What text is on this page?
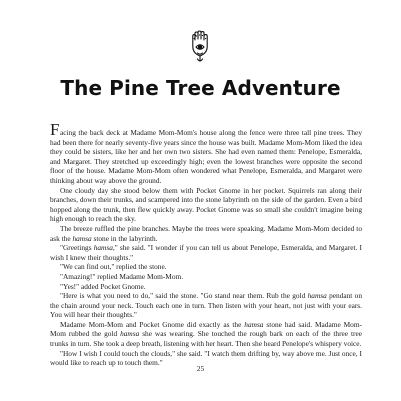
The Pine Tree Adventure

Facing the back deck at Madame Mom-Mom's house along the fence were three tall pine trees. They had been there for nearly seventy-five years since the house was built. Madame Mom-Mom liked the idea they could be sisters, like her and her own two sisters. She had even named them: Penelope, Esmeralda, and Margaret. They stretched up exceedingly high; even the lowest branches were opposite the second floor of the house. Madame Mom-Mom often wondered what Penelope, Esmeralda, and Margaret were thinking about way above the ground.

One cloudy day she stood below them with Pocket Gnome in her pocket. Squirrels ran along their branches, down their trunks, and scampered into the stone labyrinth on the side of the garden. Even a bird hopped along the trunk, then flew quickly away. Pocket Gnome was so small she couldn't imagine being high enough to reach the sky.

The breeze ruffled the pine branches. Maybe the trees were speaking. Madame Mom-Mom decided to ask the hamsa stone in the labyrinth.

"Greetings hamsa," she said. "I wonder if you can tell us about Penelope, Esmeralda, and Margaret. I wish I knew their thoughts."

"We can find out," replied the stone.

"Amazing!" replied Madame Mom-Mom.

"Yes!" added Pocket Gnome.

"Here is what you need to do," said the stone. "Go stand near them. Rub the gold hamsa pendant on the chain around your neck. Touch each one in turn. Then listen with your heart, not just with your ears. You will hear their thoughts."

Madame Mom-Mom and Pocket Gnome did exactly as the hamsa stone had said. Madame Mom-Mom rubbed the gold hamsa she was wearing. She touched the rough bark on each of the three tree trunks in turn. She took a deep breath, listening with her heart. Then she heard Penelope's whispery voice.

"How I wish I could touch the clouds," she said. "I watch them drifting by, way above me. Just once, I would like to reach up to touch them."

25
